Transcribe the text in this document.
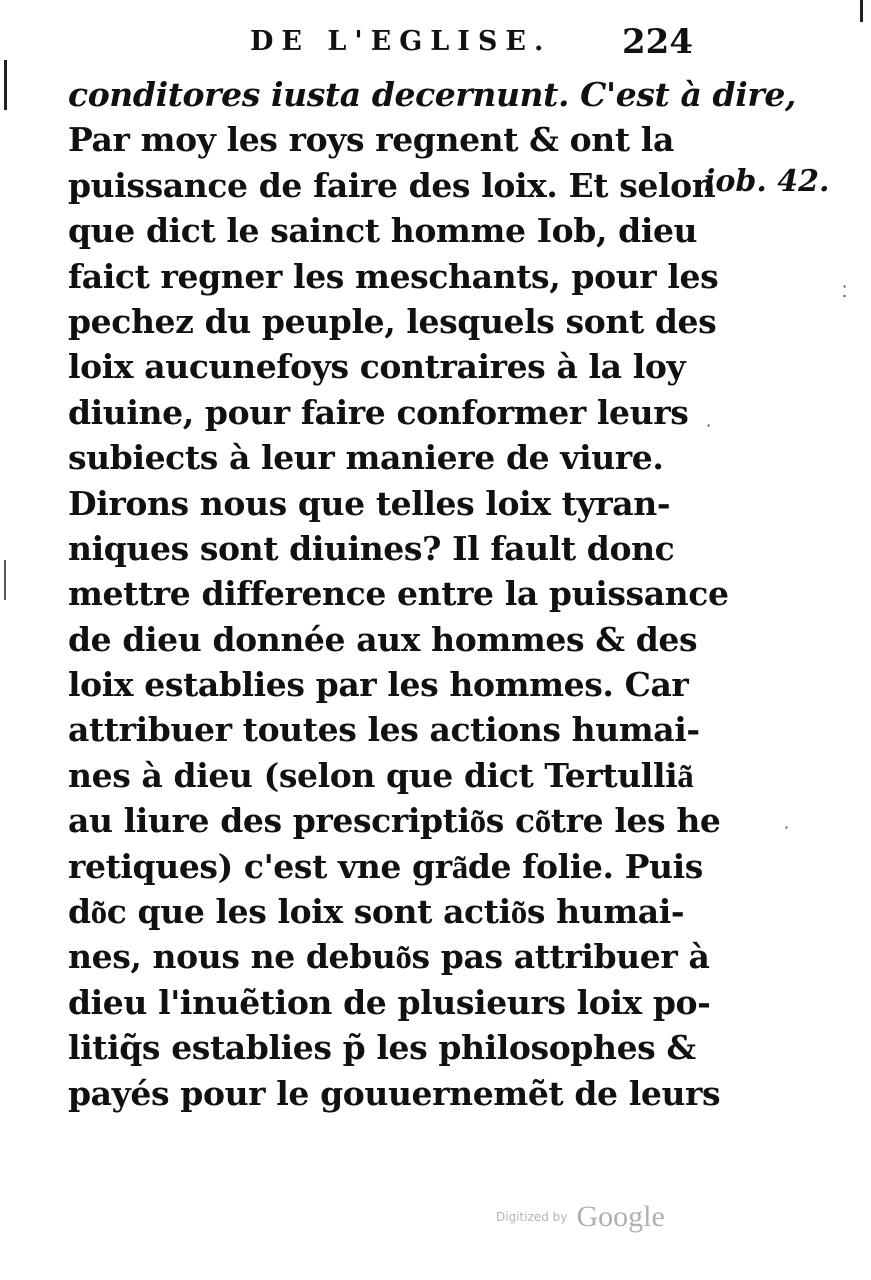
DE L'EGLISE. 224
conditores iusta decernunt. C'est à dire,
Par moy les roys regnent & ont la
puissance de faire des loix. Et selon
que dict le sainct homme Iob, dieu
faict regner les meschants, pour les
pechez du peuple, lesquels sont des
loix aucunefoys contraires à la loy
diuine, pour faire conformer leurs
subiects à leur maniere de viure.
Dirons nous que telles loix tyran-
niques sont diuines? Il fault donc
mettre difference entre la puissance
de dieu donnée aux hommes & des
loix establies par les hommes. Car
attribuer toutes les actions humai-
nes à dieu (selon que dict Tertullia͂
au liure des prescriptio͂s co͂tre les he
retiques) c'est vne gra͂de folie. Puis
do͂c que les loix sont actio͂s humai-
nes, nous ne debuo͂s pas attribuer à
dieu l'inuẽtion de plusieurs loix po-
litiq̃s establies p̃ les philosophes &
payés pour le gouuernemẽt de leurs
iob. 42.
⁚
·
·
Digitized by Google
